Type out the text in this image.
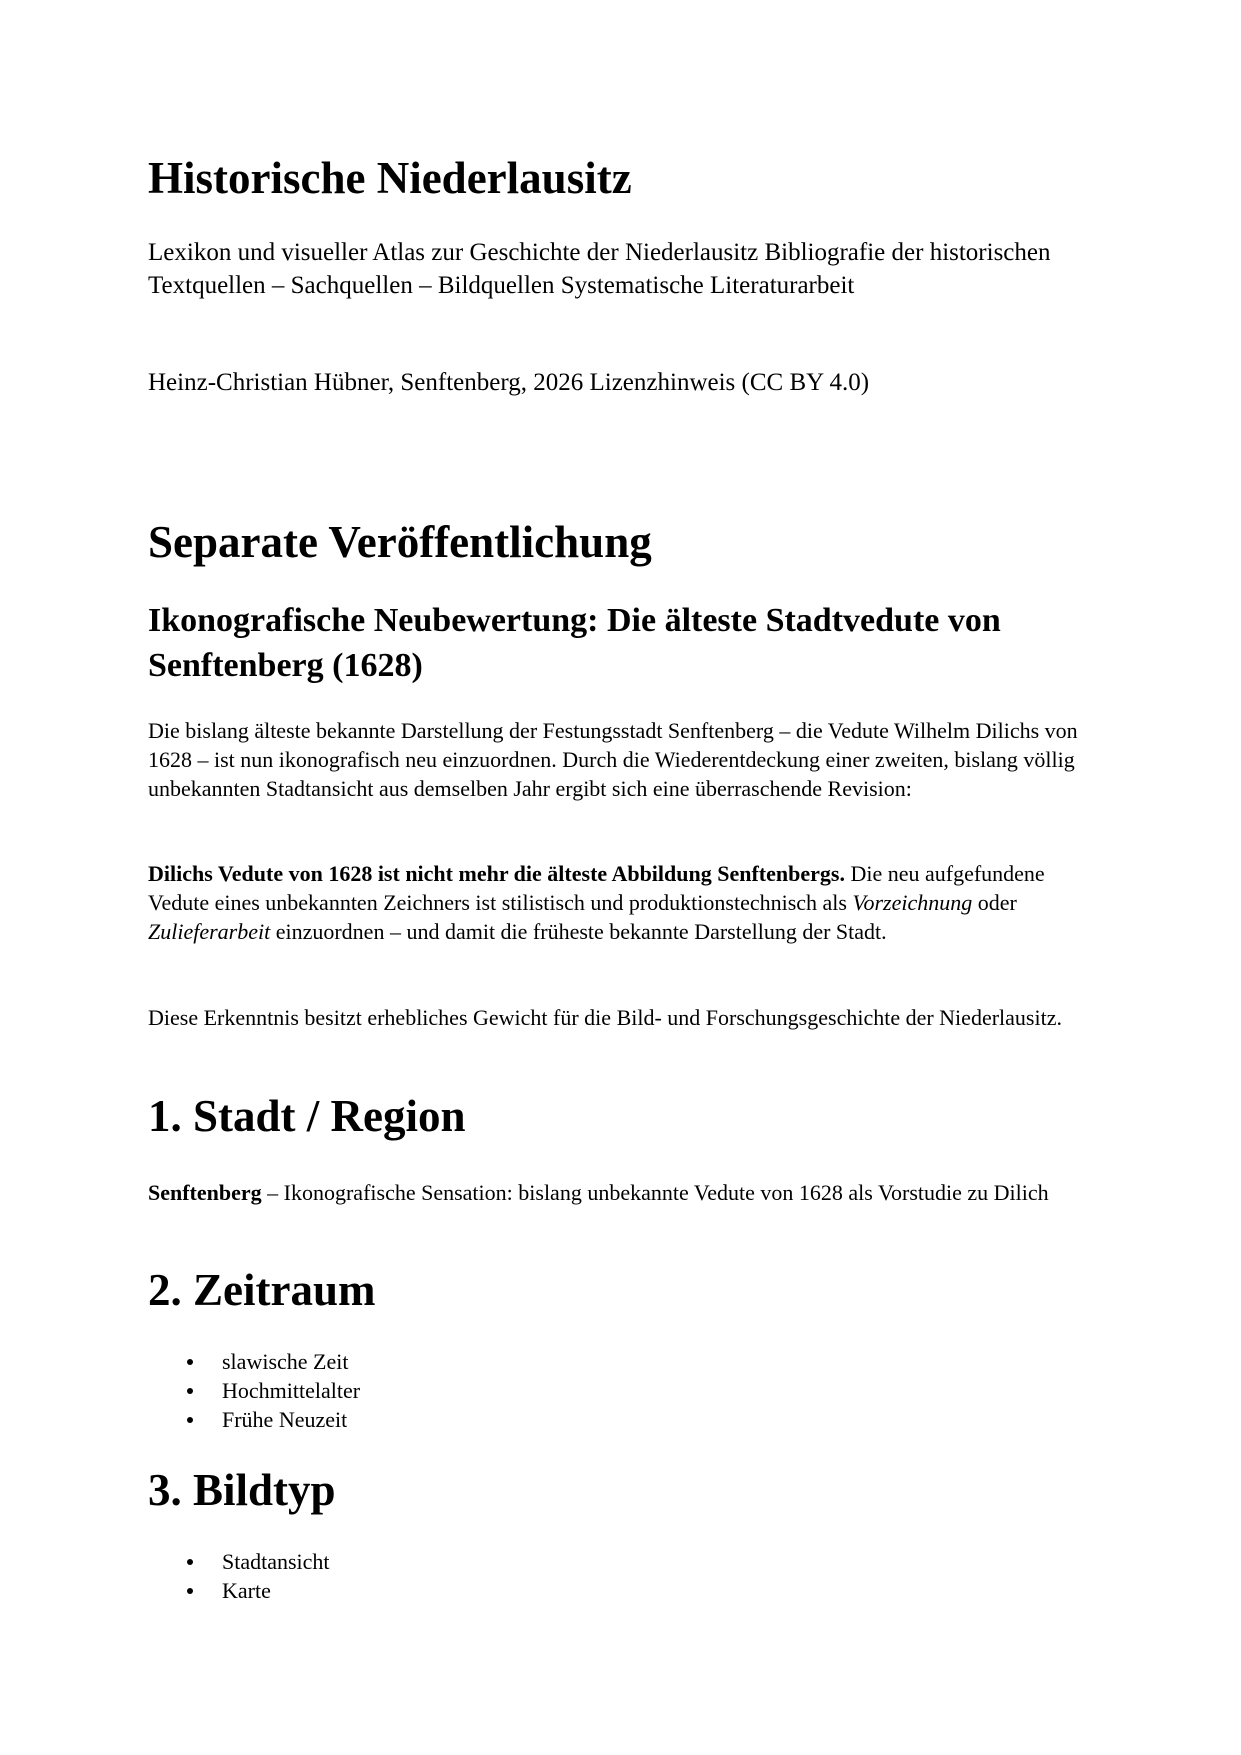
Historische Niederlausitz

Lexikon und visueller Atlas zur Geschichte der Niederlausitz Bibliografie der historischen Textquellen – Sachquellen – Bildquellen Systematische Literaturarbeit

Heinz-Christian Hübner, Senftenberg, 2026 Lizenzhinweis (CC BY 4.0)

Separate Veröffentlichung
Ikonografische Neubewertung: Die älteste Stadtvedute von Senftenberg (1628)

Die bislang älteste bekannte Darstellung der Festungsstadt Senftenberg – die Vedute Wilhelm Dilichs von 1628 – ist nun ikonografisch neu einzuordnen. Durch die Wiederentdeckung einer zweiten, bislang völlig unbekannten Stadtansicht aus demselben Jahr ergibt sich eine überraschende Revision:

Dilichs Vedute von 1628 ist nicht mehr die älteste Abbildung Senftenbergs. Die neu aufgefundene Vedute eines unbekannten Zeichners ist stilistisch und produktionstechnisch als Vorzeichnung oder Zulieferarbeit einzuordnen – und damit die früheste bekannte Darstellung der Stadt.

Diese Erkenntnis besitzt erhebliches Gewicht für die Bild- und Forschungsgeschichte der Niederlausitz.

1. Stadt / Region

Senftenberg – Ikonografische Sensation: bislang unbekannte Vedute von 1628 als Vorstudie zu Dilich

2. Zeitraum
slawische Zeit
Hochmittelalter
Frühe Neuzeit
3. Bildtyp
Stadtansicht
Karte
